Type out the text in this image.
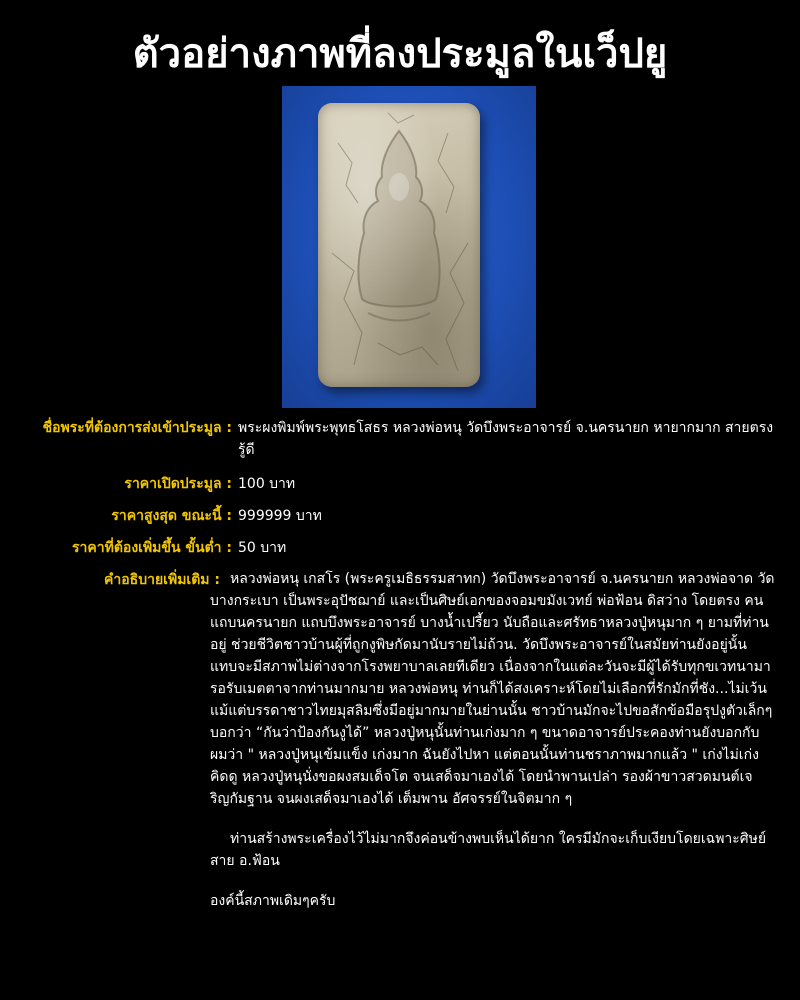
ตัวอย่างภาพที่ลงประมูลในเว็ปยู
ชื่อพระที่ต้องการส่งเข้าประมูล : พระผงพิมพ์พระพุทธโสธร หลวงพ่อหนุ วัดบึงพระอาจารย์ จ.นครนายก หายากมาก สายตรงรู้ดี
ราคาเปิดประมูล : 100 บาท
ราคาสูงสุด ขณะนี้ : 999999 บาท
ราคาที่ต้องเพิ่มขึ้น ขั้นต่ำ : 50 บาท
คำอธิบายเพิ่มเติม : หลวงพ่อหนุ เกสโร (พระครูเมธิธรรมสาทก) วัดบึงพระอาจารย์ จ.นครนายก หลวงพ่อจาด วัดบางกระเบา เป็นพระอุปัชฌาย์ และเป็นศิษย์เอกของจอมขมังเวทย์ พ่อฟ้อน ดิสว่าง โดยตรง คนแถบนครนายก แถบบึงพระอาจารย์ บางน้ำเปรี้ยว นับถือและศรัทธาหลวงปู่หนุมาก ๆ ยามที่ท่านอยู่ ช่วยชีวิตชาวบ้านผู้ที่ถูกงูพิษกัดมานับรายไม่ถ้วน. วัดบึงพระอาจารย์ในสมัยท่านยังอยู่นั้น แทบจะมีสภาพไม่ต่างจากโรงพยาบาลเลยทีเดียว เนื่องจากในแต่ละวันจะมีผู้ได้รับทุกขเวทนามารอรับเมตตาจากท่านมากมาย หลวงพ่อหนุ ท่านก็ได้สงเคราะห์โดยไม่เลือกที่รักมักที่ชัง...ไม่เว้นแม้แต่บรรดาชาวไทยมุสลิมซึ่งมีอยู่มากมายในย่านนั้น ชาวบ้านมักจะไปขอสักข้อมือรุปงูตัวเล็กๆ บอกว่า “กันว่าป้องกันงูได้” หลวงปู่หนุนั้นท่านเก่งมาก ๆ ขนาดอาจารย์ประคองท่านยังบอกกับผมว่า " หลวงปู่หนุเข้มแข็ง เก่งมาก ฉันยังไปหา แต่ตอนนั้นท่านชราภาพมากแล้ว " เก่งไม่เก่ง คิดดู หลวงปู่หนุนั่งขอผงสมเด็จโต จนเสด็จมาเองได้ โดยนำพานเปล่า รองผ้าขาวสวดมนต์เจริญกัมฐาน จนผงเสด็จมาเองได้ เต็มพาน อัศจรรย์ในจิตมาก ๆ

ท่านสร้างพระเครื่องไว้ไม่มากจึงค่อนข้างพบเห็นได้ยาก ใครมีมักจะเก็บเงียบโดยเฉพาะศิษย์สาย อ.ฟ้อน

องค์นี้สภาพเดิมๆครับ
